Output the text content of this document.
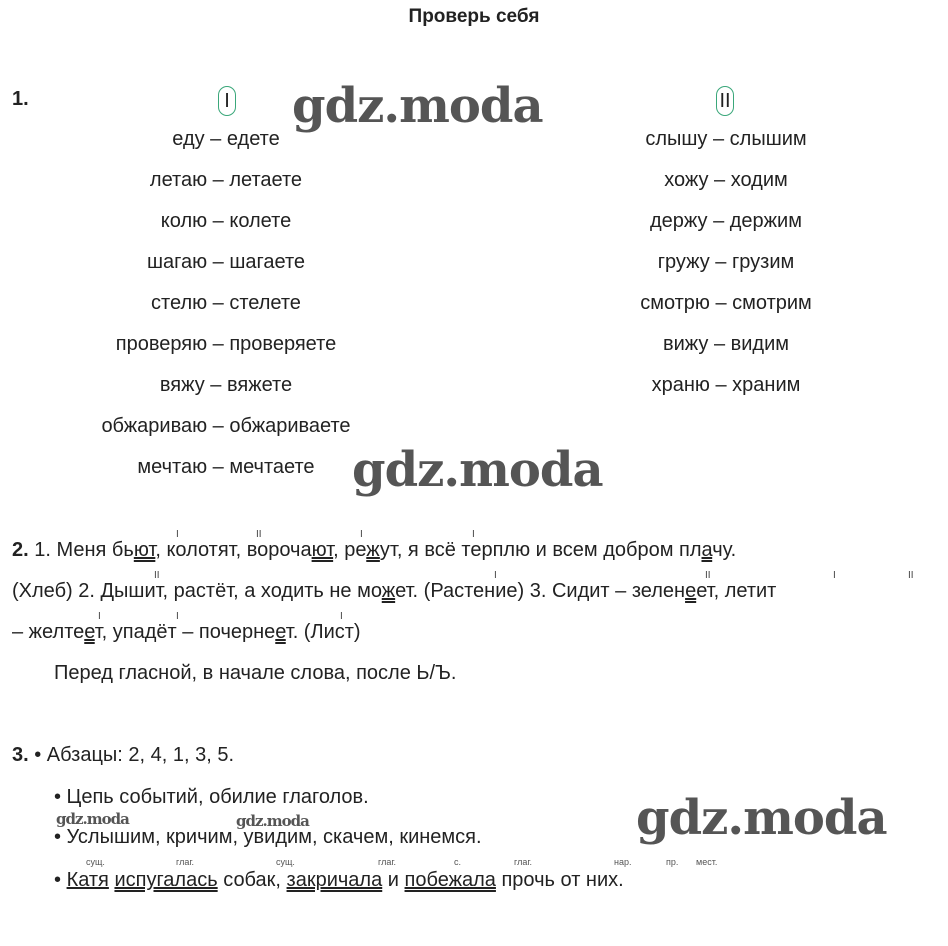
Проверь себя
1.	I	II
gdz.moda
еду – едете
летаю – летаете
колю – колете
шагаю – шагаете
стелю – стелете
проверяю – проверяете
вяжу – вяжете
обжариваю – обжариваете
мечтаю – мечтаете
слышу – слышим
хожу – ходим
держу – держим
гружу – грузим
смотрю – смотрим
вижу – видим
храню – храним
gdz.moda
2. 1. Меня бьют, колотят, ворочaют, режут, я всё терплю и всем добром плачу.
(Хлеб) 2. Дышит, растёт, а ходить не может. (Растение) 3. Сидит – зеленеет, летит
– желтеет, упадёт – почернеет. (Лист)
I	II	I	I
II	I	II	I	II
I	I	I
Перед гласной, в начале слова, после Ь/Ъ.
3. • Абзацы: 2, 4, 1, 3, 5.
• Цепь событий, обилие глаголов.
gdz.moda	gdz.moda	gdz.moda
• Услышим, кричим, увидим, скачем, кинемся.
сущ.	глаг.	сущ.	глаг.	с.	глаг.	нар.	пр. мест.
• Катя испугалась собак, закричала и побежала прочь от них.
